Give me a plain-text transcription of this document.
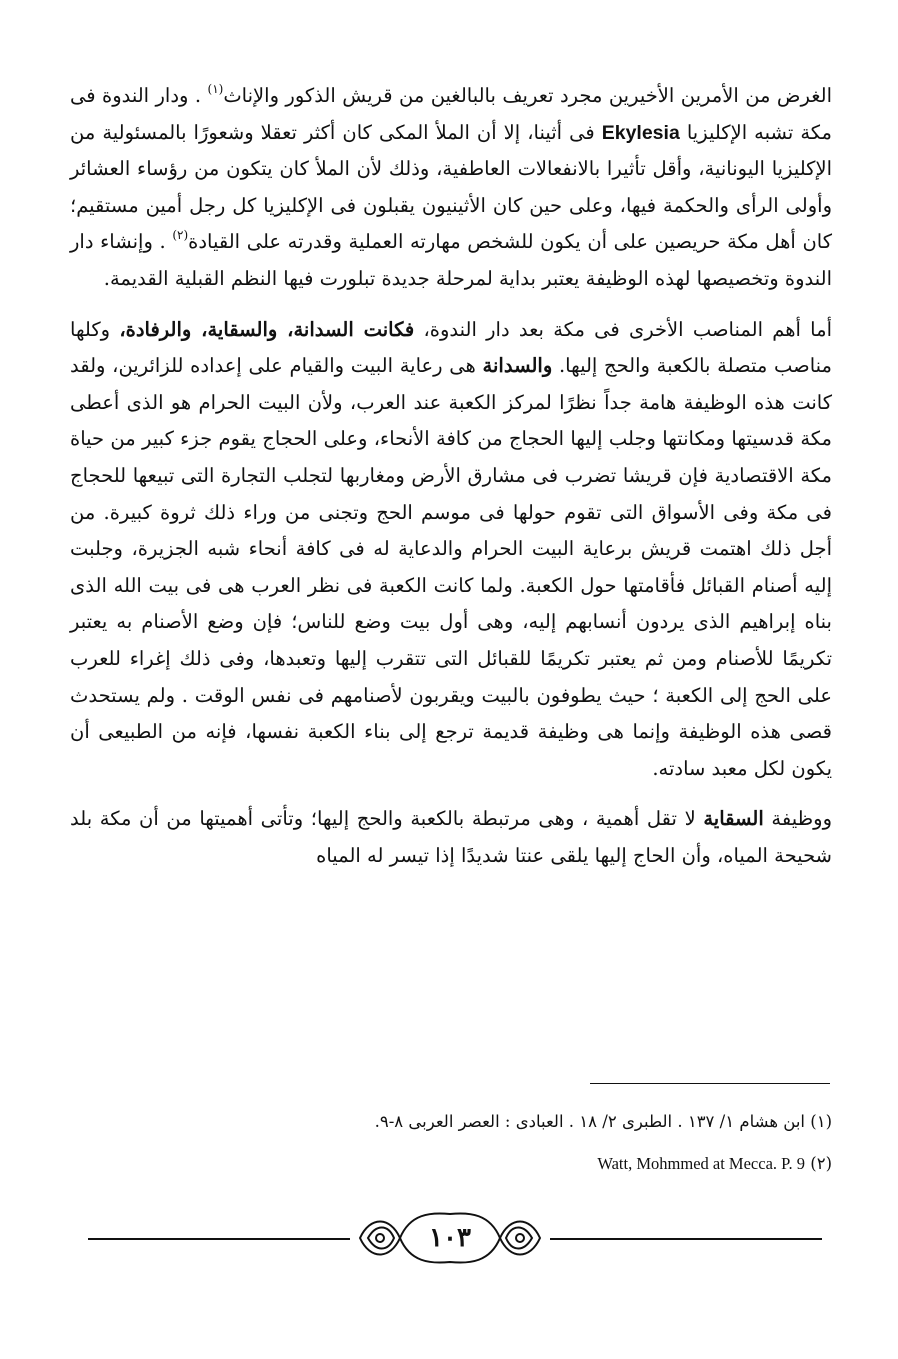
الغرض من الأمرين الأخيرين مجرد تعريف بالبالغين من قريش الذكور والإناث$^{(١)}$ . ودار الندوة فى مكة تشبه الإكليزيا Ekylesia فى أثينا، إلا أن الملأ المكى كان أكثر تعقلا وشعورًا بالمسئولية من الإكليزيا اليونانية، وأقل تأثيرا بالانفعالات العاطفية، وذلك لأن الملأ كان يتكون من رؤساء العشائر وأولى الرأى والحكمة فيها، وعلى حين كان الأثينيون يقبلون فى الإكليزيا كل رجل أمين مستقيم؛ كان أهل مكة حريصين على أن يكون للشخص مهارته العملية وقدرته على القيادة$^{(٢)}$ . وإنشاء دار الندوة وتخصيصها لهذه الوظيفة يعتبر بداية لمرحلة جديدة تبلورت فيها النظم القبلية القديمة.

أما أهم المناصب الأخرى فى مكة بعد دار الندوة، فكانت السدانة، والسقاية، والرفادة، وكلها مناصب متصلة بالكعبة والحج إليها. والسدانة هى رعاية البيت والقيام على إعداده للزائرين، ولقد كانت هذه الوظيفة هامة جداً نظرًا لمركز الكعبة عند العرب، ولأن البيت الحرام هو الذى أعطى مكة قدسيتها ومكانتها وجلب إليها الحجاج من كافة الأنحاء، وعلى الحجاج يقوم جزء كبير من حياة مكة الاقتصادية فإن قريشا تضرب فى مشارق الأرض ومغاربها لتجلب التجارة التى تبيعها للحجاج فى مكة وفى الأسواق التى تقوم حولها فى موسم الحج وتجنى من وراء ذلك ثروة كبيرة. من أجل ذلك اهتمت قريش برعاية البيت الحرام والدعاية له فى كافة أنحاء شبه الجزيرة، وجلبت إليه أصنام القبائل فأقامتها حول الكعبة. ولما كانت الكعبة فى نظر العرب هى فى بيت الله الذى بناه إبراهيم الذى يردون أنسابهم إليه، وهى أول بيت وضع للناس؛ فإن وضع الأصنام به يعتبر تكريمًا للأصنام ومن ثم يعتبر تكريمًا للقبائل التى تتقرب إليها وتعبدها، وفى ذلك إغراء للعرب على الحج إلى الكعبة ؛ حيث يطوفون بالبيت ويقربون لأصنامهم فى نفس الوقت . ولم يستحدث قصى هذه الوظيفة وإنما هى وظيفة قديمة ترجع إلى بناء الكعبة نفسها، فإنه من الطبيعى أن يكون لكل معبد سادته.

ووظيفة السقاية لا تقل أهمية ، وهى مرتبطة بالكعبة والحج إليها؛ وتأتى أهميتها من أن مكة بلد شحيحة المياه، وأن الحاج إليها يلقى عنتا شديدًا إذا تيسر له المياه

(١) ابن هشام ١/ ١٣٧ . الطبرى ٢/ ١٨ . العبادى : العصر العربى ٨-٩.
(٢) Watt, Mohmmed at Mecca. P. 9
١٠٣
